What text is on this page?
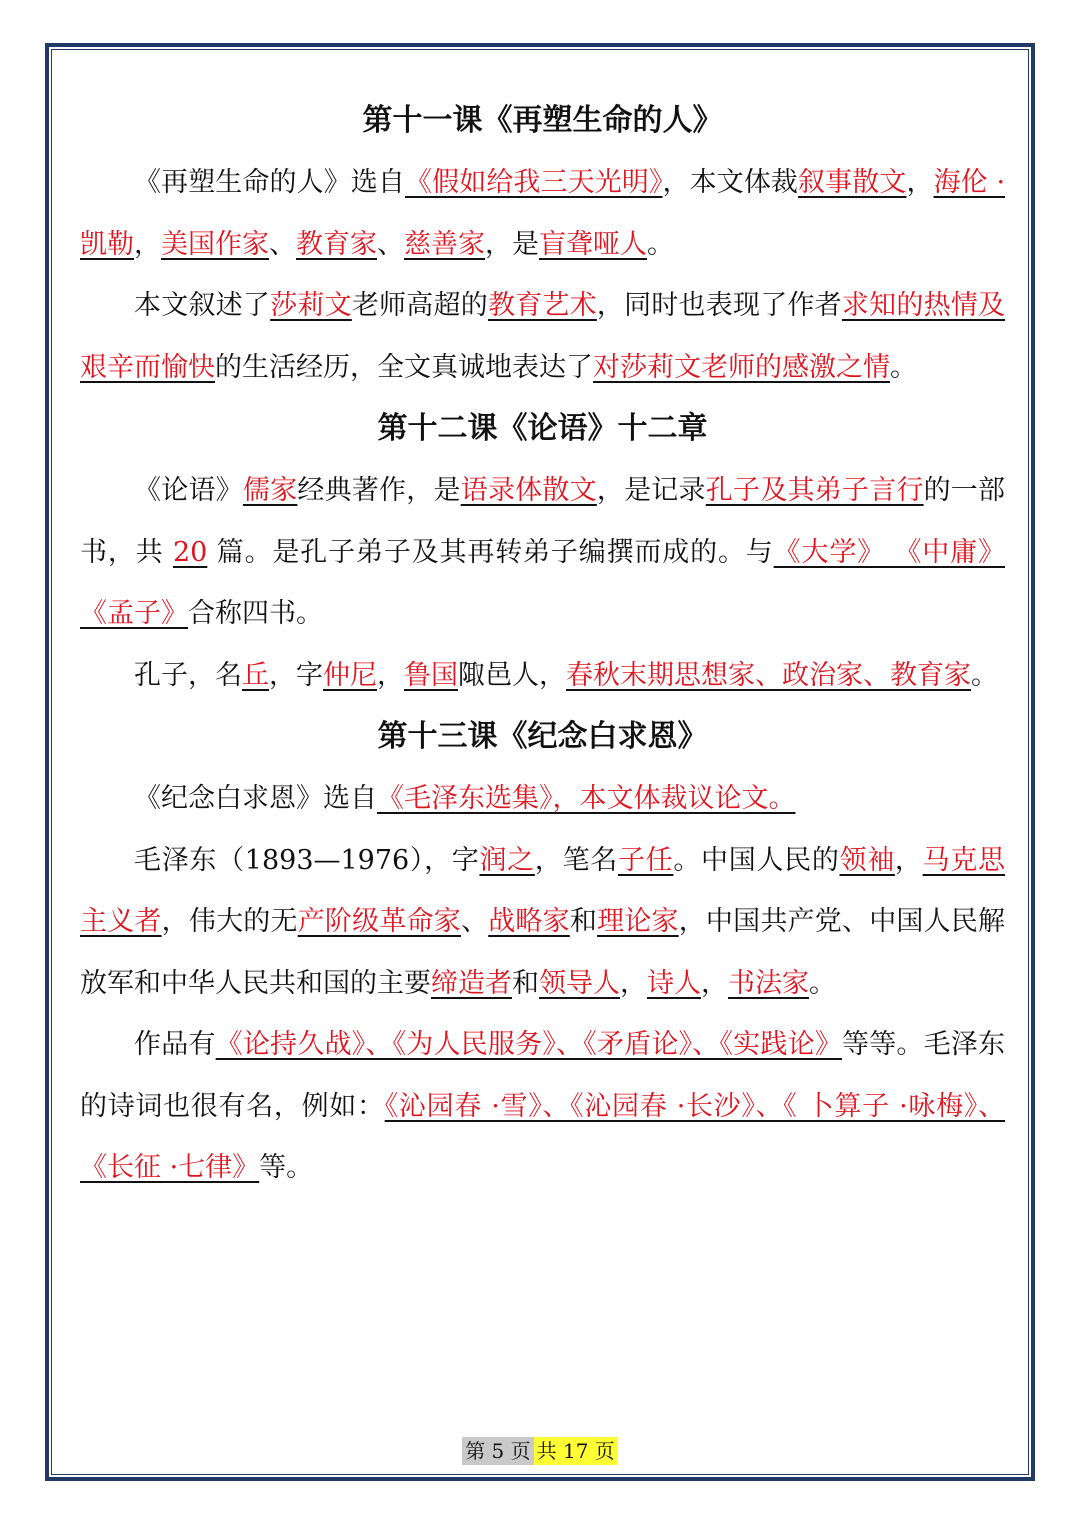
第十一课《再塑生命的人》

《再塑生命的人》选自《假如给我三天光明》，本文体裁叙事散文，海伦 ·凯勒，美国作家、教育家、慈善家，是盲聋哑人。

本文叙述了莎莉文老师高超的教育艺术，同时也表现了作者求知的热情及艰辛而愉快的生活经历，全文真诚地表达了对莎莉文老师的感激之情。

第十二课《论语》十二章

《论语》儒家经典著作，是语录体散文，是记录孔子及其弟子言行的一部书，共 20 篇。是孔子弟子及其再转弟子编撰而成的。与《大学》 《中庸》《孟子》合称四书。

孔子，名丘，字仲尼，鲁国陬邑人，春秋末期思想家、政治家、教育家。

第十三课《纪念白求恩》

《纪念白求恩》选自《毛泽东选集》，本文体裁议论文。

毛泽东（1893—1976），字润之，笔名子任。中国人民的领袖，马克思主义者，伟大的无产阶级革命家、战略家和理论家，中国共产党、中国人民解放军和中华人民共和国的主要缔造者和领导人，诗人，书法家。

作品有《论持久战》、《为人民服务》、《矛盾论》、《实践论》等等。毛泽东的诗词也很有名，例如：《沁园春 ·雪》、《沁园春 ·长沙》、《 卜算子 ·咏梅》、《长征 ·七律》等。

第 5 页 共 17 页
